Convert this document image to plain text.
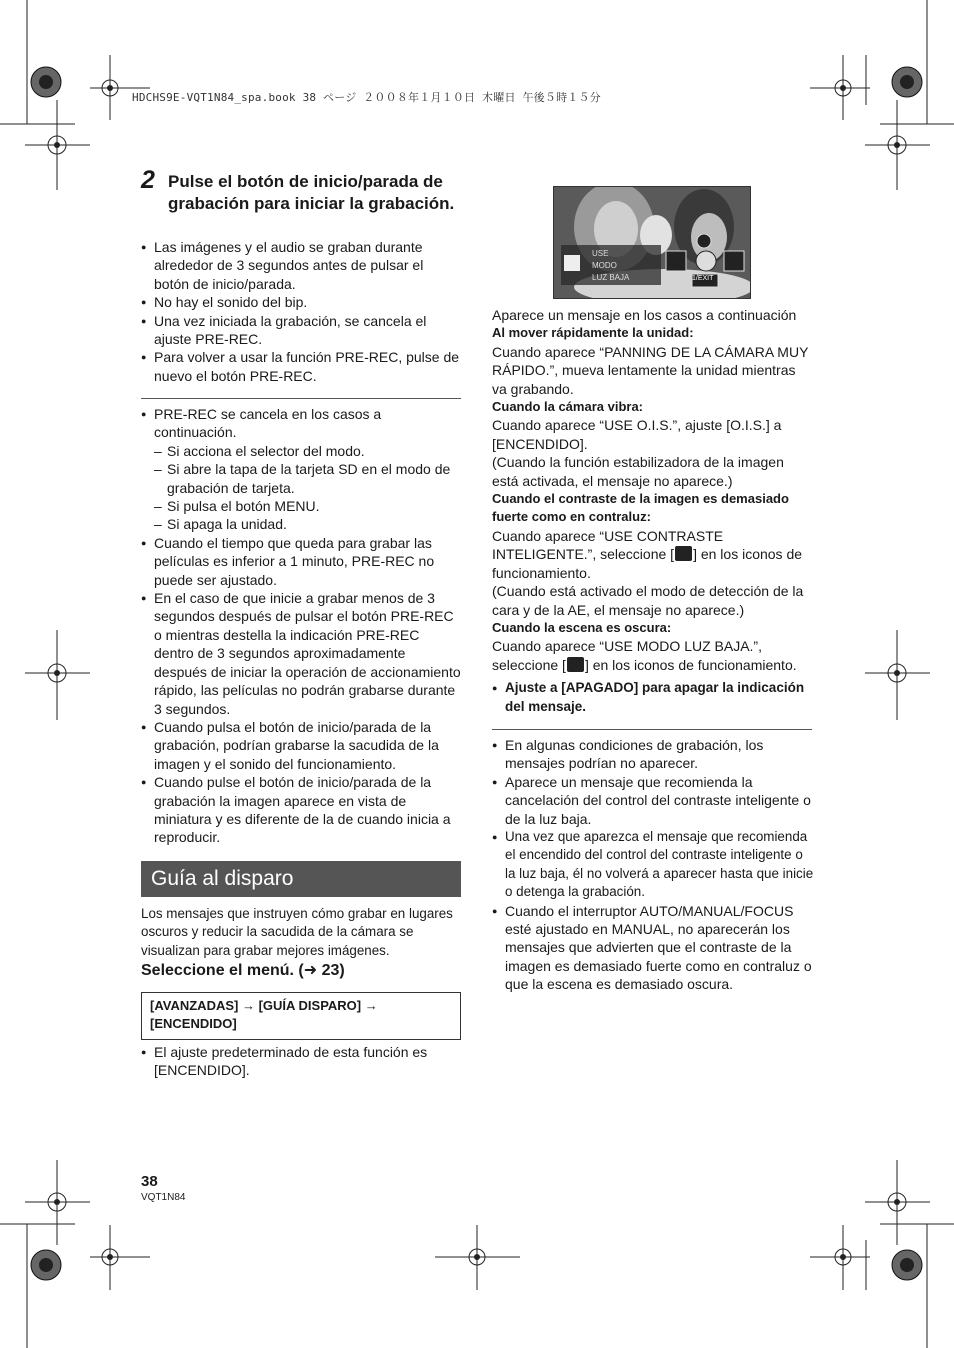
HDCHS9E-VQT1N84_spa.book 38 ページ ２００８年１月１０日 木曜日 午後５時１５分
2 Pulse el botón de inicio/parada de grabación para iniciar la grabación.
● Las imágenes y el audio se graban durante alrededor de 3 segundos antes de pulsar el botón de inicio/parada.
● No hay el sonido del bip.
● Una vez iniciada la grabación, se cancela el ajuste PRE-REC.
● Para volver a usar la función PRE-REC, pulse de nuevo el botón PRE-REC.
● PRE-REC se cancela en los casos a continuación.
– Si acciona el selector del modo.
– Si abre la tapa de la tarjeta SD en el modo de grabación de tarjeta.
– Si pulsa el botón MENU.
– Si apaga la unidad.
● Cuando el tiempo que queda para grabar las películas es inferior a 1 minuto, PRE-REC no puede ser ajustado.
● En el caso de que inicie a grabar menos de 3 segundos después de pulsar el botón PRE-REC o mientras destella la indicación PRE-REC dentro de 3 segundos aproximadamente después de iniciar la operación de accionamiento rápido, las películas no podrán grabarse durante 3 segundos.
● Cuando pulsa el botón de inicio/parada de la grabación, podrían grabarse la sacudida de la imagen y el sonido del funcionamiento.
● Cuando pulse el botón de inicio/parada de la grabación la imagen aparece en vista de miniatura y es diferente de la de cuando inicia a reproducir.
Guía al disparo
Los mensajes que instruyen cómo grabar en lugares oscuros y reducir la sacudida de la cámara se visualizan para grabar mejores imágenes.
Seleccione el menú. (➜ 23)
[AVANZADAS] → [GUÍA DISPARO] → [ENCENDIDO]
● El ajuste predeterminado de esta función es [ENCENDIDO].
USE
MODO
LUZ BAJA	1/EXIT
Aparece un mensaje en los casos a continuación
Al mover rápidamente la unidad:
Cuando aparece “PANNING DE LA CÁMARA MUY RÁPIDO.”, mueva lentamente la unidad mientras va grabando.
Cuando la cámara vibra:
Cuando aparece “USE O.I.S.”, ajuste [O.I.S.] a [ENCENDIDO].
(Cuando la función estabilizadora de la imagen está activada, el mensaje no aparece.)
Cuando el contraste de la imagen es demasiado fuerte como en contraluz:
Cuando aparece “USE CONTRASTE INTELIGENTE.”, seleccione [ ] en los iconos de funcionamiento.
(Cuando está activado el modo de detección de la cara y de la AE, el mensaje no aparece.)
Cuando la escena es oscura:
Cuando aparece “USE MODO LUZ BAJA.”, seleccione [ ] en los iconos de funcionamiento.
● Ajuste a [APAGADO] para apagar la indicación del mensaje.
● En algunas condiciones de grabación, los mensajes podrían no aparecer.
● Aparece un mensaje que recomienda la cancelación del control del contraste inteligente o de la luz baja.
● Una vez que aparezca el mensaje que recomienda el encendido del control del contraste inteligente o la luz baja, él no volverá a aparecer hasta que inicie o detenga la grabación.
● Cuando el interruptor AUTO/MANUAL/FOCUS esté ajustado en MANUAL, no aparecerán los mensajes que advierten que el contraste de la imagen es demasiado fuerte como en contraluz o que la escena es demasiado oscura.
38
VQT1N84
